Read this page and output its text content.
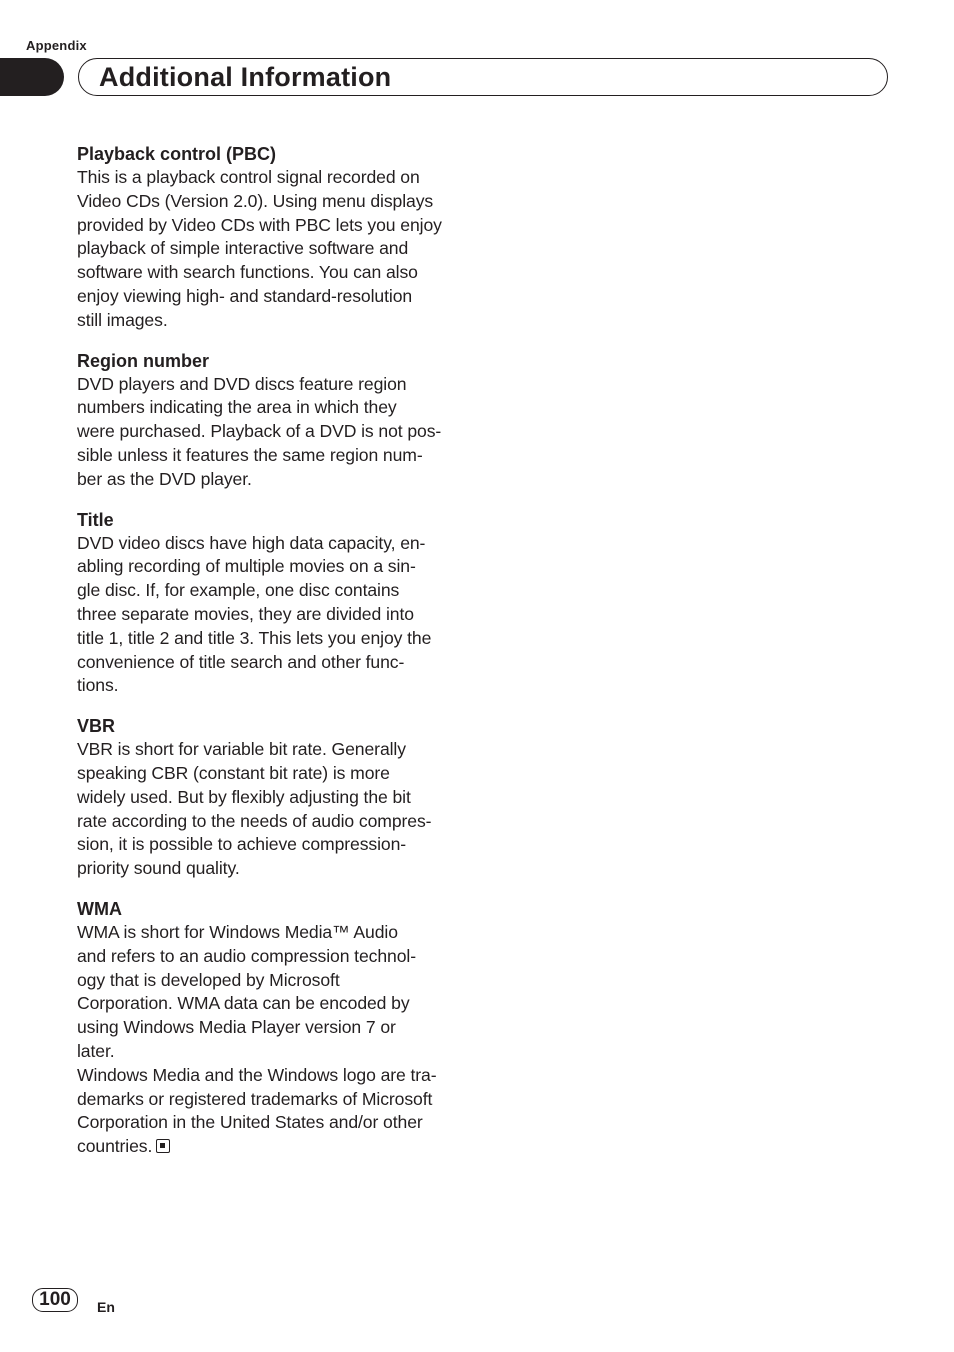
Appendix
Additional Information
Playback control (PBC)

This is a playback control signal recorded on
Video CDs (Version 2.0). Using menu displays
provided by Video CDs with PBC lets you enjoy
playback of simple interactive software and
software with search functions. You can also
enjoy viewing high- and standard-resolution
still images.

Region number

DVD players and DVD discs feature region
numbers indicating the area in which they
were purchased. Playback of a DVD is not pos-
sible unless it features the same region num-
ber as the DVD player.

Title

DVD video discs have high data capacity, en-
abling recording of multiple movies on a sin-
gle disc. If, for example, one disc contains
three separate movies, they are divided into
title 1, title 2 and title 3. This lets you enjoy the
convenience of title search and other func-
tions.

VBR

VBR is short for variable bit rate. Generally
speaking CBR (constant bit rate) is more
widely used. But by flexibly adjusting the bit
rate according to the needs of audio compres-
sion, it is possible to achieve compression-
priority sound quality.

WMA

WMA is short for Windows Media™ Audio
and refers to an audio compression technol-
ogy that is developed by Microsoft
Corporation. WMA data can be encoded by
using Windows Media Player version 7 or
later.
Windows Media and the Windows logo are tra-
demarks or registered trademarks of Microsoft
Corporation in the United States and/or other
countries.

100	En
